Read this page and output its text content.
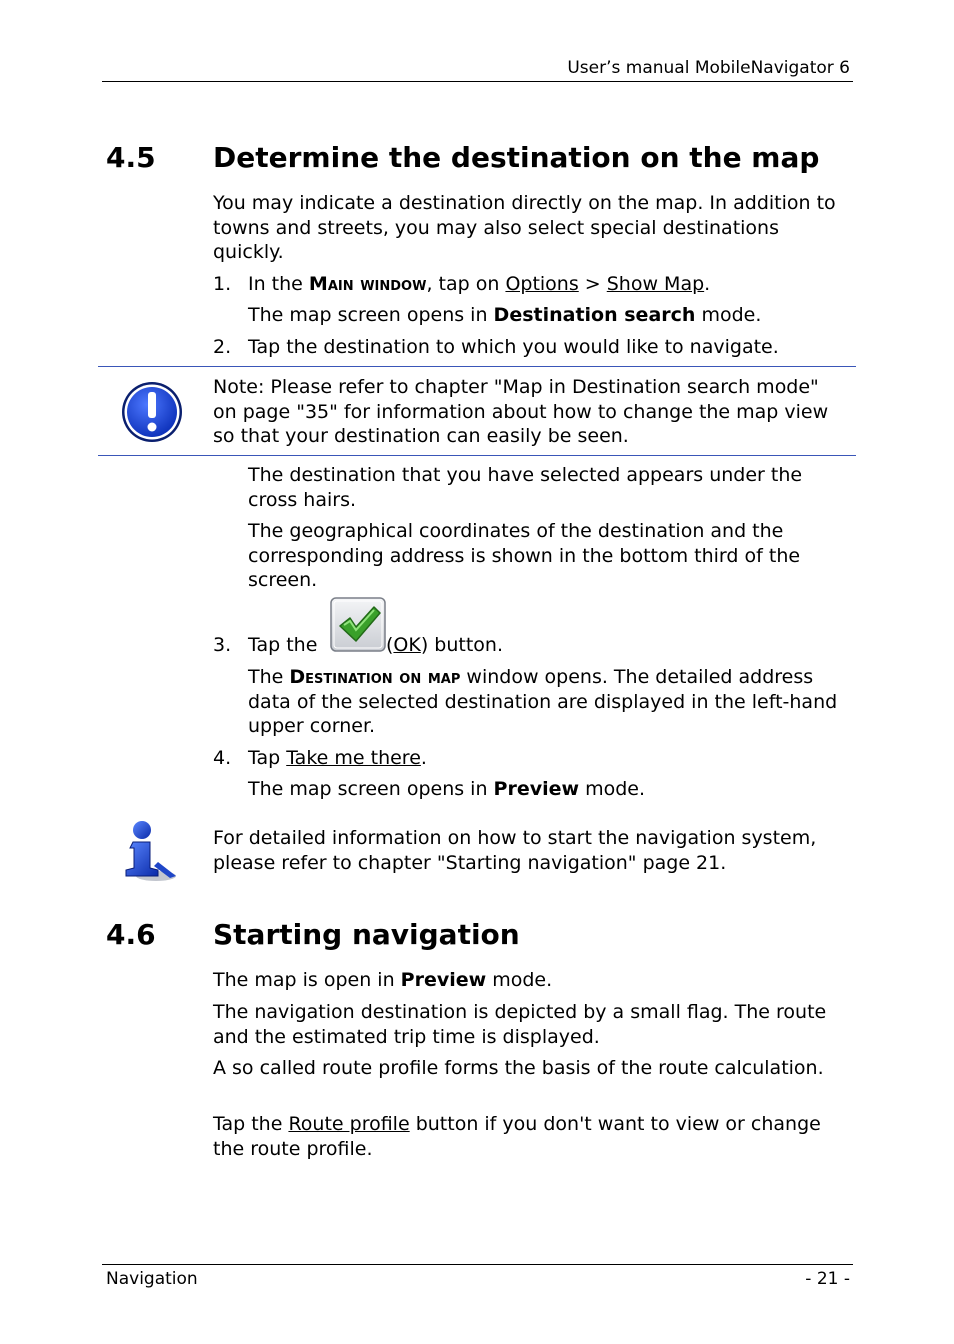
User’s manual MobileNavigator 6
4.5 Determine the destination on the map
You may indicate a destination directly on the map. In addition to towns and streets, you may also select special destinations quickly.
1. In the Main window, tap on Options > Show Map.
The map screen opens in Destination search mode.
2. Tap the destination to which you would like to navigate.
Note: Please refer to chapter "Map in Destination search mode" on page "35" for information about how to change the map view so that your destination can easily be seen.
The destination that you have selected appears under the cross hairs.
The geographical coordinates of the destination and the corresponding address is shown in the bottom third of the screen.
3. Tap the	(OK) button.
The Destination on map window opens. The detailed address data of the selected destination are displayed in the left-hand upper corner.
4. Tap Take me there.
The map screen opens in Preview mode.
For detailed information on how to start the navigation system, please refer to chapter "Starting navigation" page 21.
4.6 Starting navigation
The map is open in Preview mode.
The navigation destination is depicted by a small flag. The route and the estimated trip time is displayed.
A so called route profile forms the basis of the route calculation.
Tap the Route profile button if you don't want to view or change the route profile.
Navigation	- 21 -
